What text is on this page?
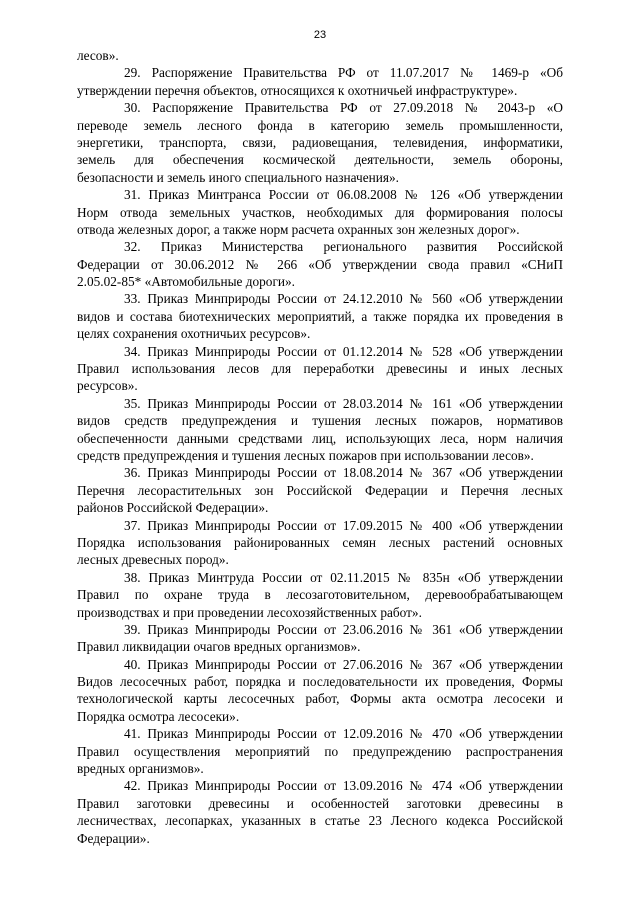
23
лесов».
29. Распоряжение Правительства РФ от 11.07.2017 № 1469-р «Об
утверждении перечня объектов, относящихся к охотничьей инфраструктуре».
30. Распоряжение Правительства РФ от 27.09.2018 № 2043-р «О
переводе земель лесного фонда в категорию земель промышленности,
энергетики, транспорта, связи, радиовещания, телевидения, информатики,
земель для обеспечения космической деятельности, земель обороны,
безопасности и земель иного специального назначения».
31. Приказ Минтранса России от 06.08.2008 № 126 «Об утверждении
Норм отвода земельных участков, необходимых для формирования полосы
отвода железных дорог, а также норм расчета охранных зон железных дорог».
32. Приказ Министерства регионального развития Российской
Федерации от 30.06.2012 № 266 «Об утверждении свода правил «СНиП
2.05.02-85* «Автомобильные дороги».
33. Приказ Минприроды России от 24.12.2010 № 560 «Об утверждении
видов и состава биотехнических мероприятий, а также порядка их проведения в
целях сохранения охотничьих ресурсов».
34. Приказ Минприроды России от 01.12.2014 № 528 «Об утверждении
Правил использования лесов для переработки древесины и иных лесных
ресурсов».
35. Приказ Минприроды России от 28.03.2014 № 161 «Об утверждении
видов средств предупреждения и тушения лесных пожаров, нормативов
обеспеченности данными средствами лиц, использующих леса, норм наличия
средств предупреждения и тушения лесных пожаров при использовании лесов».
36. Приказ Минприроды России от 18.08.2014 № 367 «Об утверждении
Перечня лесорастительных зон Российской Федерации и Перечня лесных
районов Российской Федерации».
37. Приказ Минприроды России от 17.09.2015 № 400 «Об утверждении
Порядка использования районированных семян лесных растений основных
лесных древесных пород».
38. Приказ Минтруда России от 02.11.2015 № 835н «Об утверждении
Правил по охране труда в лесозаготовительном, деревообрабатывающем
производствах и при проведении лесохозяйственных работ».
39. Приказ Минприроды России от 23.06.2016 № 361 «Об утверждении
Правил ликвидации очагов вредных организмов».
40. Приказ Минприроды России от 27.06.2016 № 367 «Об утверждении
Видов лесосечных работ, порядка и последовательности их проведения, Формы
технологической карты лесосечных работ, Формы акта осмотра лесосеки и
Порядка осмотра лесосеки».
41. Приказ Минприроды России от 12.09.2016 № 470 «Об утверждении
Правил осуществления мероприятий по предупреждению распространения
вредных организмов».
42. Приказ Минприроды России от 13.09.2016 № 474 «Об утверждении
Правил заготовки древесины и особенностей заготовки древесины в
лесничествах, лесопарках, указанных в статье 23 Лесного кодекса Российской
Федерации».
